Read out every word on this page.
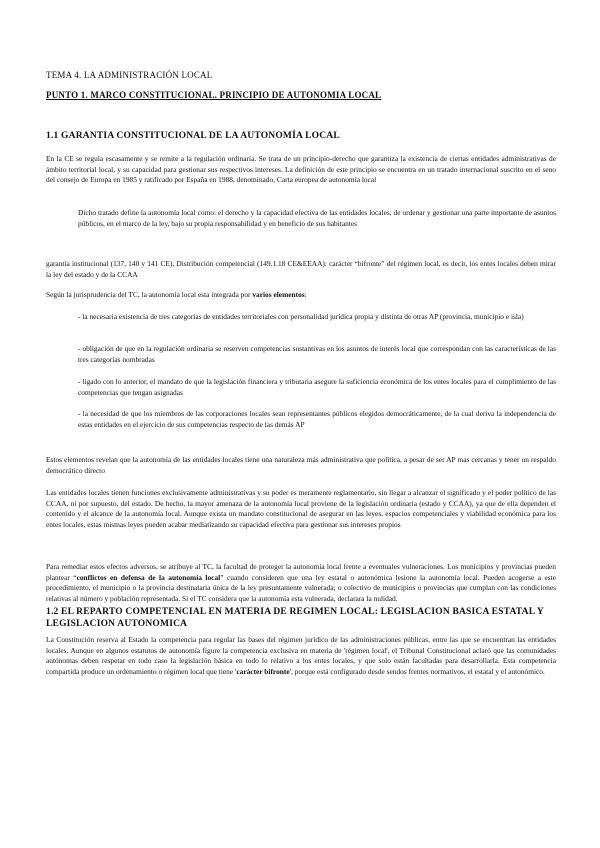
TEMA 4. LA ADMINISTRACIÓN LOCAL
PUNTO 1. MARCO CONSTITUCIONAL. PRINCIPIO DE AUTONOMIA LOCAL
1.1 GARANTIA CONSTITUCIONAL DE LA AUTONOMÍA LOCAL

En la CE se regula escasamente y se remite a la regulación ordinaria. Se trata de un principio-derecho que garantiza la existencia de ciertas entidades administrativas de ámbito territorial local, y su capacidad para gestionar sus respectivos intereses. La definición de este principio se encuentra en un tratado internacional suscrito en el seno del consejo de Europa en 1985 y ratificado por España en 1988, denominado, Carta europea de autonomía local

Dicho tratado define la autonomía local como: el derecho y la capacidad efectiva de las entidades locales, de ordenar y gestionar una parte importante de asuntos públicos, en el marco de la ley, bajo su propia responsabilidad y en beneficio de sus habitantes

garantía institucional (137, 140 y 141 CE), Distribución competencial (149.1.18 CE&EEAA): carácter “bifronte” del régimen local, es decir, los entes locales deben mirar la ley del estado y de la CCAA

Según la jurisprudencia del TC, la autonomía local esta integrada por varios elementos:

- la necesaria existencia de tres categorías de entidades territoriales con personalidad jurídica propia y distinta de otras AP (provincia, municipio e isla)

- obligación de que en la regulación ordinaria se reserven competencias sustantivas en los asuntos de interés local que correspondan con las características de las tres categorías nombradas

- ligado con lo anterior, el mandato de que la legislación financiera y tributaria asegure la suficiencia económica de los entes locales para el cumplimiento de las competencias que tengan asignadas

- la necesidad de que los miembros de las corporaciones locales sean representantes públicos elegidos democráticamente, de la cual deriva la independencia de estas entidades en el ejercicio de sus competencias respecto de las demás AP

Estos elementos revelan que la autonomía de las entidades locales tiene una naturaleza más administrativa que política, a pesar de ser AP mas cercanas y tener un respaldo democrático directo

Las entidades locales tienen funciones exclusivamente administrativas y su poder es meramente reglamentario, sin llegar a alcanzar el significado y el poder político de las CCAA, ni por supuesto, del estado. De hecho, la mayor amenaza de la autonomía local proviene de la legislación ordinaria (estado y CCAA), ya que de ella dependen el contenido y el alcance de la autonomía local. Aunque exista un mandato constitucional de asegurar en las leyes, espacios competenciales y viabilidad económica para los entes locales, estas mismas leyes pueden acabar mediatizando su capacidad efectiva para gestionar sus intereses propios

Para remediar estos efectos adversos, se atribuye al TC, la facultad de proteger la autonomía local frente a eventuales vulneraciones. Los municipios y provincias pueden plantear “conflictos en defensa de la autonomía local” cuando consideren que una ley estatal o autonómica lesione la autonomía local. Pueden acogerse a este procedimiento, el municipio o la provincia destinataria única de la ley presuntamente vulnerada; o colectivo de municipios o provincias que cumplan con las condiciones relativas al número y población representada. Si el TC considera que la autonomía esta vulnerada, declarara la nulidad.

1.2 EL REPARTO COMPETENCIAL EN MATERIA DE REGIMEN LOCAL: LEGISLACION BASICA ESTATAL Y LEGISLACION AUTONOMICA

La Constitución reserva al Estado la competencia para regular las bases del régimen jurídico de las administraciones públicas, entre las que se encuentran las entidades locales. Aunque en algunos estatutos de autonomía figure la competencia exclusiva en materia de 'régimen local', el Tribunal Constitucional aclaró que las comunidades autónomas deben respetar en todo caso la legislación básica en todo lo relativo a los entes locales, y que solo están facultadas para desarrollarla. Esta competencia compartida produce un ordenamiento o régimen local que tiene 'carácter bifronte', porque está configurado desde sendos frentes normativos, el estatal y el autonómico.
